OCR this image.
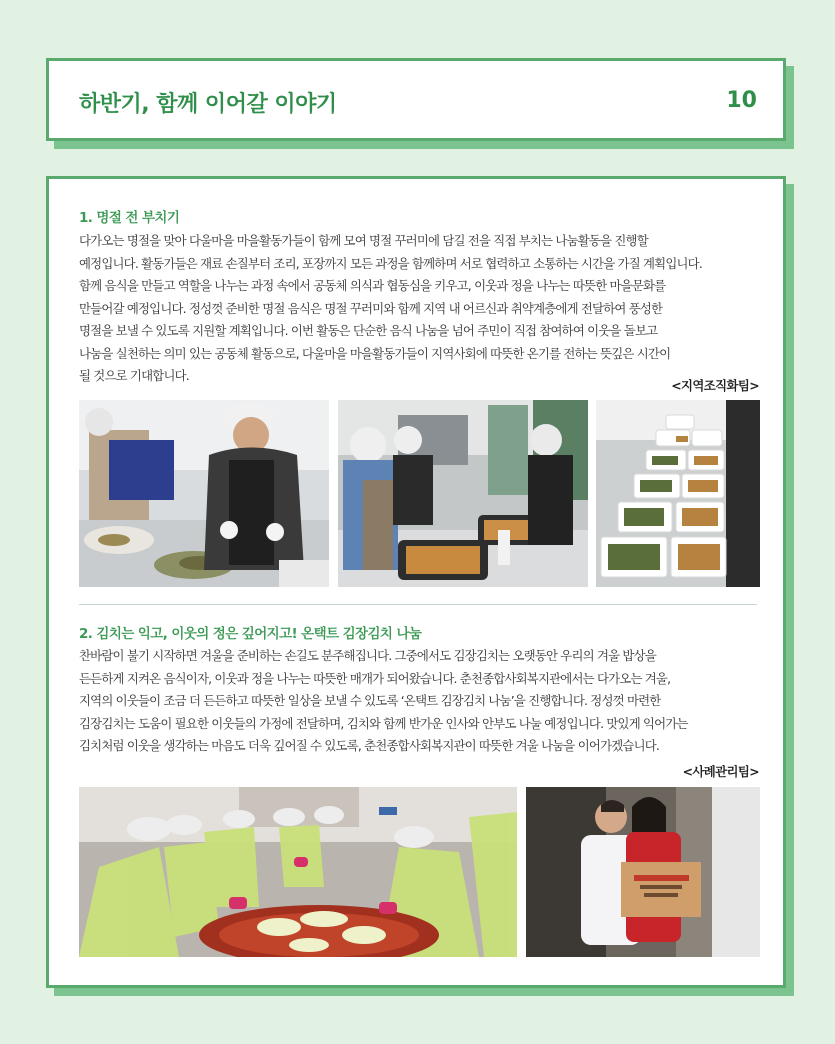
하반기, 함께 이어갈 이야기	10
1. 명절 전 부치기

다가오는 명절을 맞아 다울마을 마을활동가들이 함께 모여 명절 꾸러미에 담길 전을 직접 부치는 나눔활동을 진행할

예정입니다. 활동가들은 재료 손질부터 조리, 포장까지 모든 과정을 함께하며 서로 협력하고 소통하는 시간을 가질 계획입니다.

함께 음식을 만들고 역할을 나누는 과정 속에서 공동체 의식과 협동심을 키우고, 이웃과 정을 나누는 따뜻한 마을문화를

만들어갈 예정입니다. 정성껏 준비한 명절 음식은 명절 꾸러미와 함께 지역 내 어르신과 취약계층에게 전달하여 풍성한

명절을 보낼 수 있도록 지원할 계획입니다. 이번 활동은 단순한 음식 나눔을 넘어 주민이 직접 참여하여 이웃을 돌보고

나눔을 실천하는 의미 있는 공동체 활동으로, 다울마을 마을활동가들이 지역사회에 따뜻한 온기를 전하는 뜻깊은 시간이

될 것으로 기대합니다.

<지역조직화팀>
2. 김치는 익고, 이웃의 정은 깊어지고! 온택트 김장김치 나눔

찬바람이 불기 시작하면 겨울을 준비하는 손길도 분주해집니다. 그중에서도 김장김치는 오랫동안 우리의 겨울 밥상을

든든하게 지켜온 음식이자, 이웃과 정을 나누는 따뜻한 매개가 되어왔습니다. 춘천종합사회복지관에서는 다가오는 겨울,

지역의 이웃들이 조금 더 든든하고 따뜻한 일상을 보낼 수 있도록 ‘온택트 김장김치 나눔’을 진행합니다. 정성껏 마련한

김장김치는 도움이 필요한 이웃들의 가정에 전달하며, 김치와 함께 반가운 인사와 안부도 나눌 예정입니다. 맛있게 익어가는

김치처럼 이웃을 생각하는 마음도 더욱 깊어질 수 있도록, 춘천종합사회복지관이 따뜻한 겨울 나눔을 이어가겠습니다.

<사례관리팀>
